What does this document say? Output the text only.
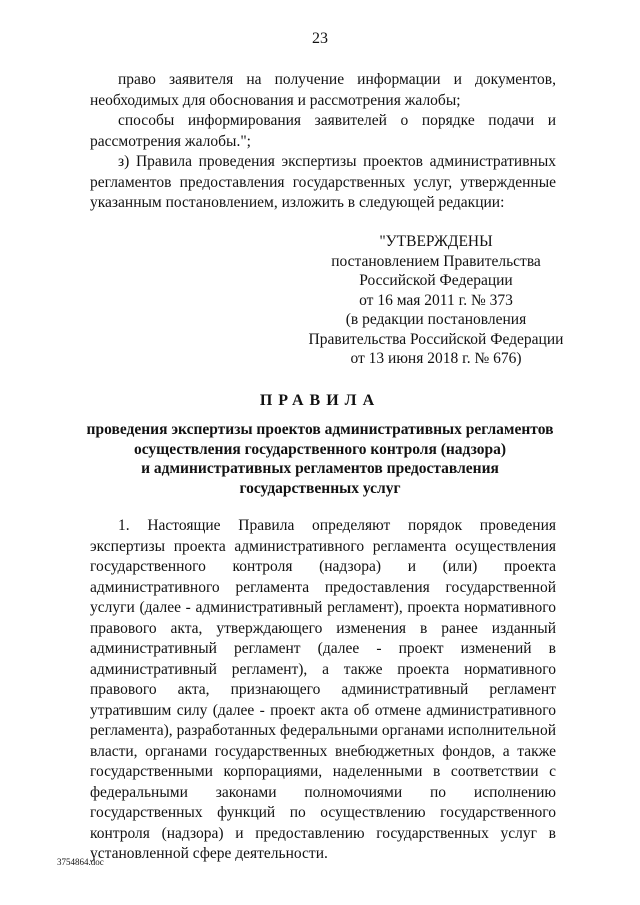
23

право заявителя на получение информации и документов, необходимых для обоснования и рассмотрения жалобы;

способы информирования заявителей о порядке подачи и рассмотрения жалобы.";

з) Правила проведения экспертизы проектов административных регламентов предоставления государственных услуг, утвержденные указанным постановлением, изложить в следующей редакции:

"УТВЕРЖДЕНЫ
постановлением Правительства
Российской Федерации
от 16 мая 2011 г. № 373
(в редакции постановления
Правительства Российской Федерации
от 13 июня 2018 г. № 676)
ПРАВИЛА
проведения экспертизы проектов административных регламентов
осуществления государственного контроля (надзора)
и административных регламентов предоставления
государственных услуг

1. Настоящие Правила определяют порядок проведения экспертизы проекта административного регламента осуществления государственного контроля (надзора) и (или) проекта административного регламента предоставления государственной услуги (далее - административный регламент), проекта нормативного правового акта, утверждающего изменения в ранее изданный административный регламент (далее - проект изменений в административный регламент), а также проекта нормативного правового акта, признающего административный регламент утратившим силу (далее - проект акта об отмене административного регламента), разработанных федеральными органами исполнительной власти, органами государственных внебюджетных фондов, а также государственными корпорациями, наделенными в соответствии с федеральными законами полномочиями по исполнению государственных функций по осуществлению государственного контроля (надзора) и предоставлению государственных услуг в установленной сфере деятельности.

3754864.doc
